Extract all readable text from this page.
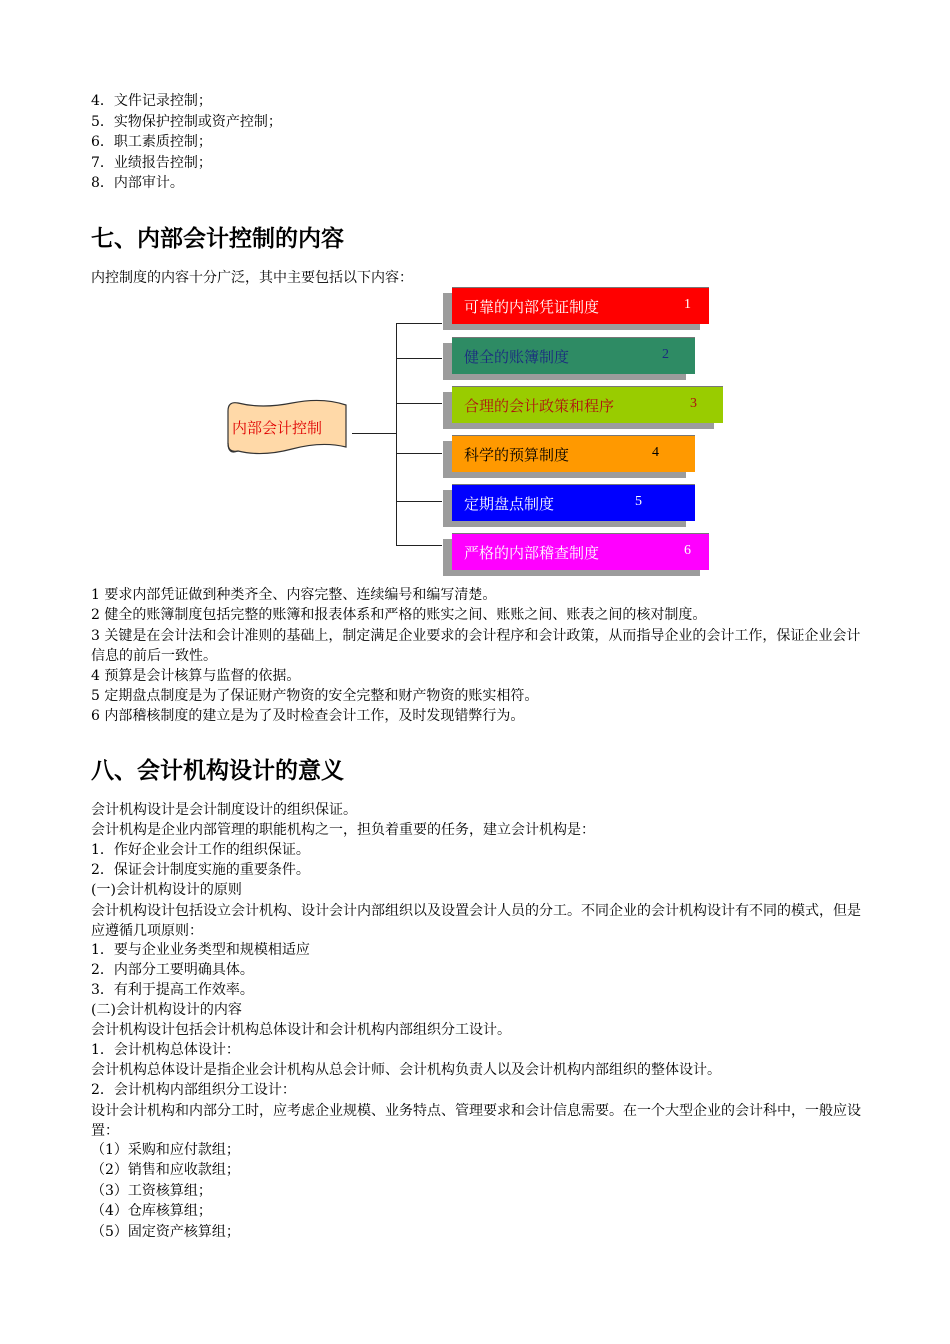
4．文件记录控制；
5．实物保护控制或资产控制；
6．职工素质控制；
7．业绩报告控制；
8．内部审计。
七、内部会计控制的内容
内控制度的内容十分广泛，其中主要包括以下内容：
内部会计控制
可靠的内部凭证制度	1
健全的账簿制度	2
合理的会计政策和程序	3
科学的预算制度	4
定期盘点制度	5
严格的内部稽查制度	6
1 要求内部凭证做到种类齐全、内容完整、连续编号和编写清楚。
2 健全的账簿制度包括完整的账簿和报表体系和严格的账实之间、账账之间、账表之间的核对制度。
3 关键是在会计法和会计准则的基础上，制定满足企业要求的会计程序和会计政策，从而指导企业的会计工作，保证企业会计信息的前后一致性。
4 预算是会计核算与监督的依据。
5 定期盘点制度是为了保证财产物资的安全完整和财产物资的账实相符。
6 内部稽核制度的建立是为了及时检查会计工作，及时发现错弊行为。
八、会计机构设计的意义
会计机构设计是会计制度设计的组织保证。
会计机构是企业内部管理的职能机构之一，担负着重要的任务，建立会计机构是：
1．作好企业会计工作的组织保证。
2．保证会计制度实施的重要条件。
(一)会计机构设计的原则
会计机构设计包括设立会计机构、设计会计内部组织以及设置会计人员的分工。不同企业的会计机构设计有不同的模式，但是应遵循几项原则：
1．要与企业业务类型和规模相适应
2．内部分工要明确具体。
3．有利于提高工作效率。
(二)会计机构设计的内容
会计机构设计包括会计机构总体设计和会计机构内部组织分工设计。
1．会计机构总体设计：
会计机构总体设计是指企业会计机构从总会计师、会计机构负责人以及会计机构内部组织的整体设计。
2．会计机构内部组织分工设计：
设计会计机构和内部分工时，应考虑企业规模、业务特点、管理要求和会计信息需要。在一个大型企业的会计科中，一般应设置：
（1）采购和应付款组；
（2）销售和应收款组；
（3）工资核算组；
（4）仓库核算组；
（5）固定资产核算组；
